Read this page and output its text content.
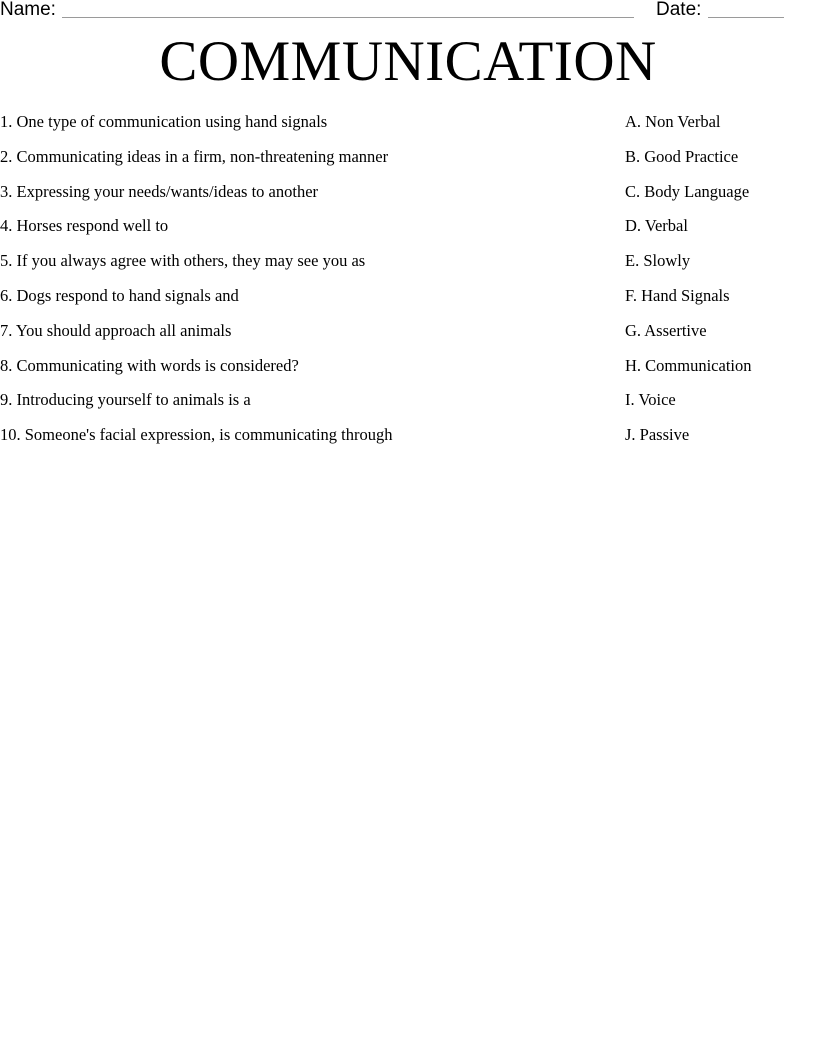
Name:	Date:
COMMUNICATION
1. One type of communication using hand signals
2. Communicating ideas in a firm, non-threatening manner
3. Expressing your needs/wants/ideas to another
4. Horses respond well to
5. If you always agree with others, they may see you as
6. Dogs respond to hand signals and
7. You should approach all animals
8. Communicating with words is considered?
9. Introducing yourself to animals is a
10. Someone's facial expression, is communicating through
A. Non Verbal
B. Good Practice
C. Body Language
D. Verbal
E. Slowly
F. Hand Signals
G. Assertive
H. Communication
I. Voice
J. Passive
